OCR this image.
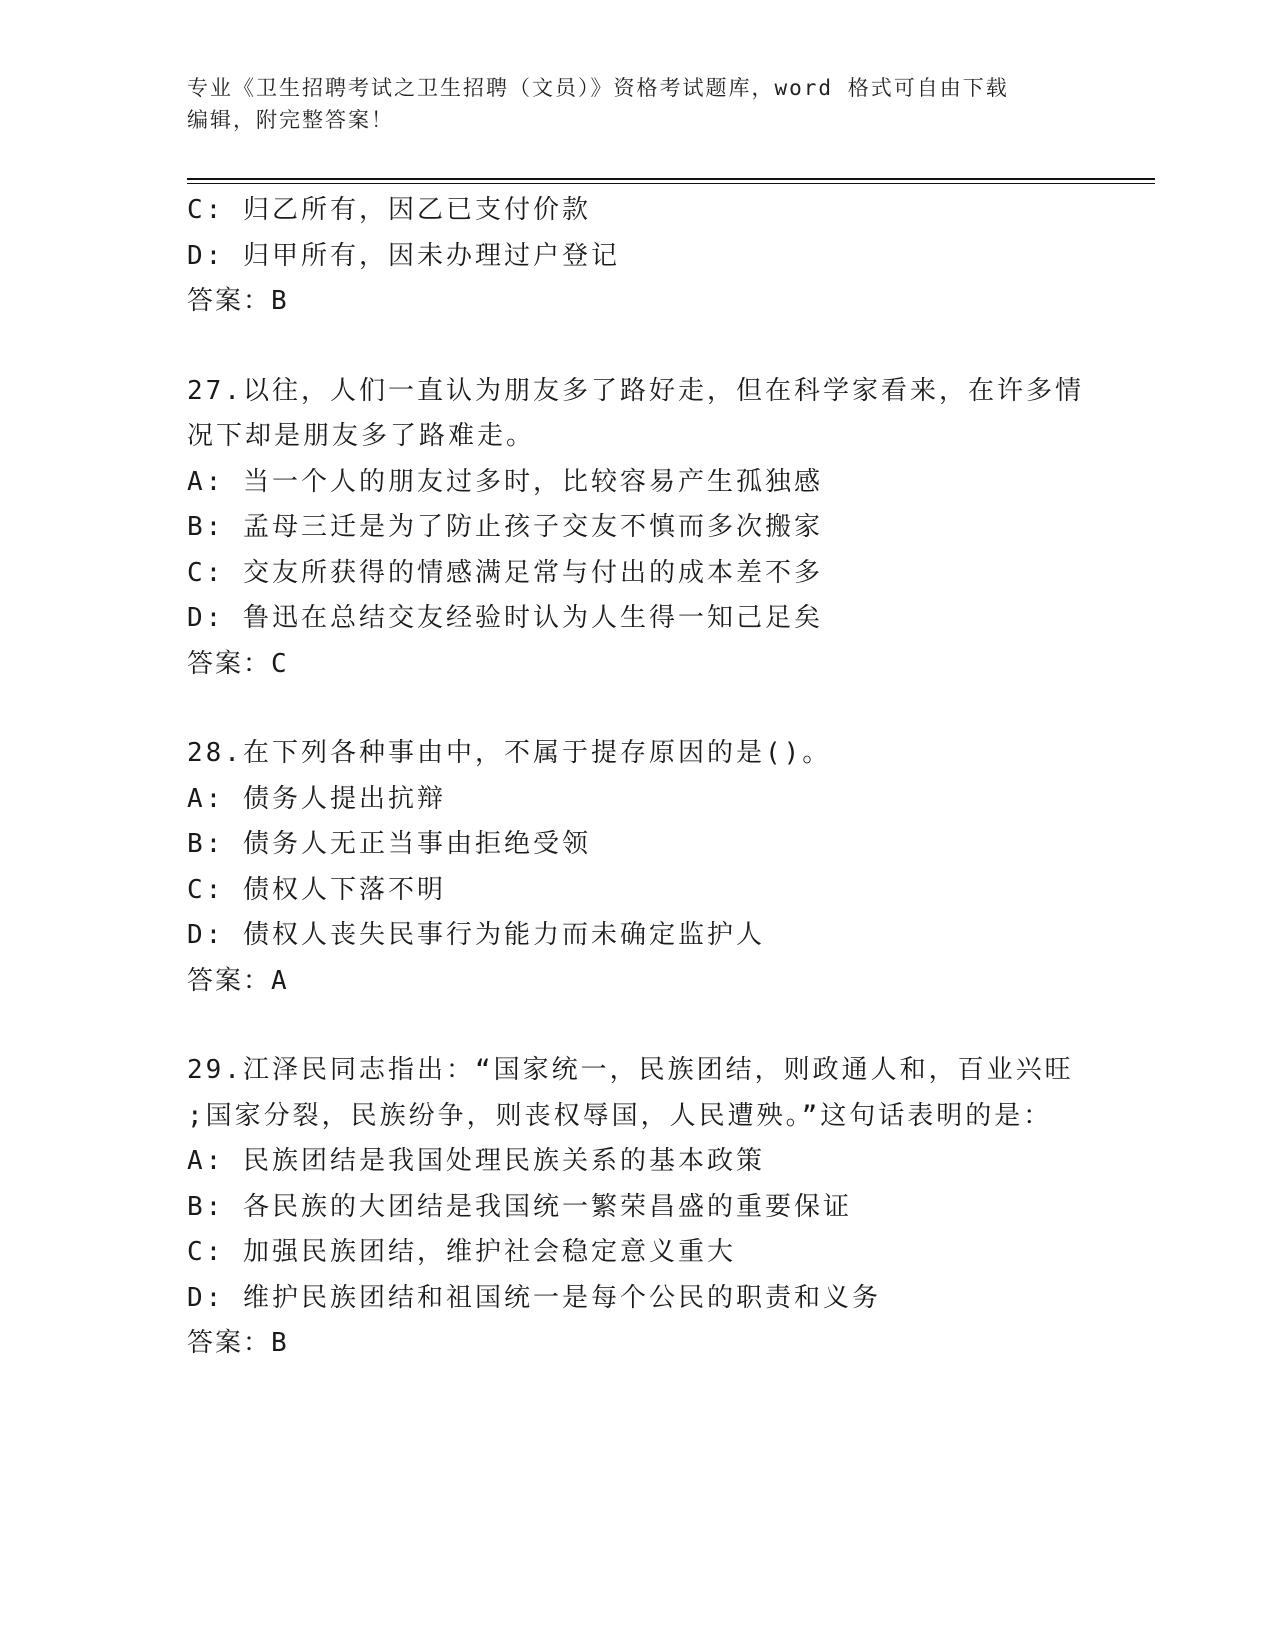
专业《卫生招聘考试之卫生招聘（文员）》资格考试题库，word 格式可自由下载
编辑，附完整答案！
C: 归乙所有，因乙已支付价款
D: 归甲所有，因未办理过户登记
答案：B
27.以往，人们一直认为朋友多了路好走，但在科学家看来，在许多情
况下却是朋友多了路难走。
A: 当一个人的朋友过多时，比较容易产生孤独感
B: 孟母三迁是为了防止孩子交友不慎而多次搬家
C: 交友所获得的情感满足常与付出的成本差不多
D: 鲁迅在总结交友经验时认为人生得一知己足矣
答案：C
28.在下列各种事由中，不属于提存原因的是()。
A: 债务人提出抗辩
B: 债务人无正当事由拒绝受领
C: 债权人下落不明
D: 债权人丧失民事行为能力而未确定监护人
答案：A
29.江泽民同志指出：“国家统一，民族团结，则政通人和，百业兴旺
;国家分裂，民族纷争，则丧权辱国，人民遭殃。”这句话表明的是：
A: 民族团结是我国处理民族关系的基本政策
B: 各民族的大团结是我国统一繁荣昌盛的重要保证
C: 加强民族团结，维护社会稳定意义重大
D: 维护民族团结和祖国统一是每个公民的职责和义务
答案：B
